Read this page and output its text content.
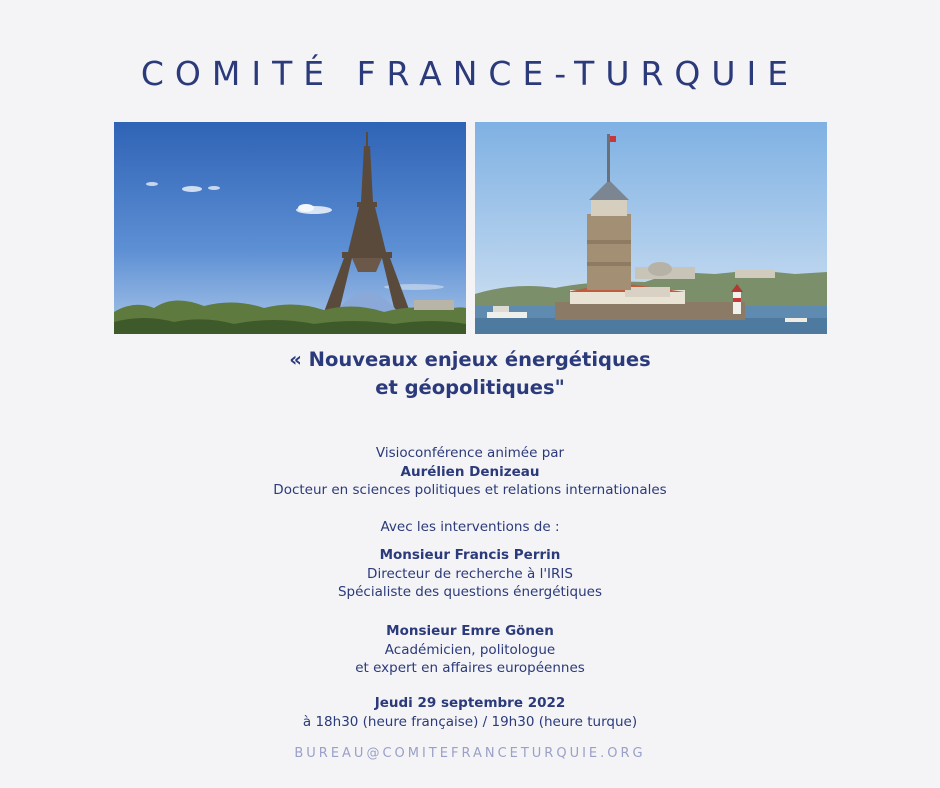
COMITÉ FRANCE-TURQUIE
« Nouveaux enjeux énergétiques
et géopolitiques"
Visioconférence animée par
Aurélien Denizeau
Docteur en sciences politiques et relations internationales
Avec les interventions de :
Monsieur Francis Perrin
Directeur de recherche à l'IRIS
Spécialiste des questions énergétiques
Monsieur Emre Gönen
Académicien, politologue
et expert en affaires européennes
Jeudi 29 septembre 2022
à 18h30 (heure française) / 19h30 (heure turque)
BUREAU@COMITEFRANCETURQUIE.ORG
